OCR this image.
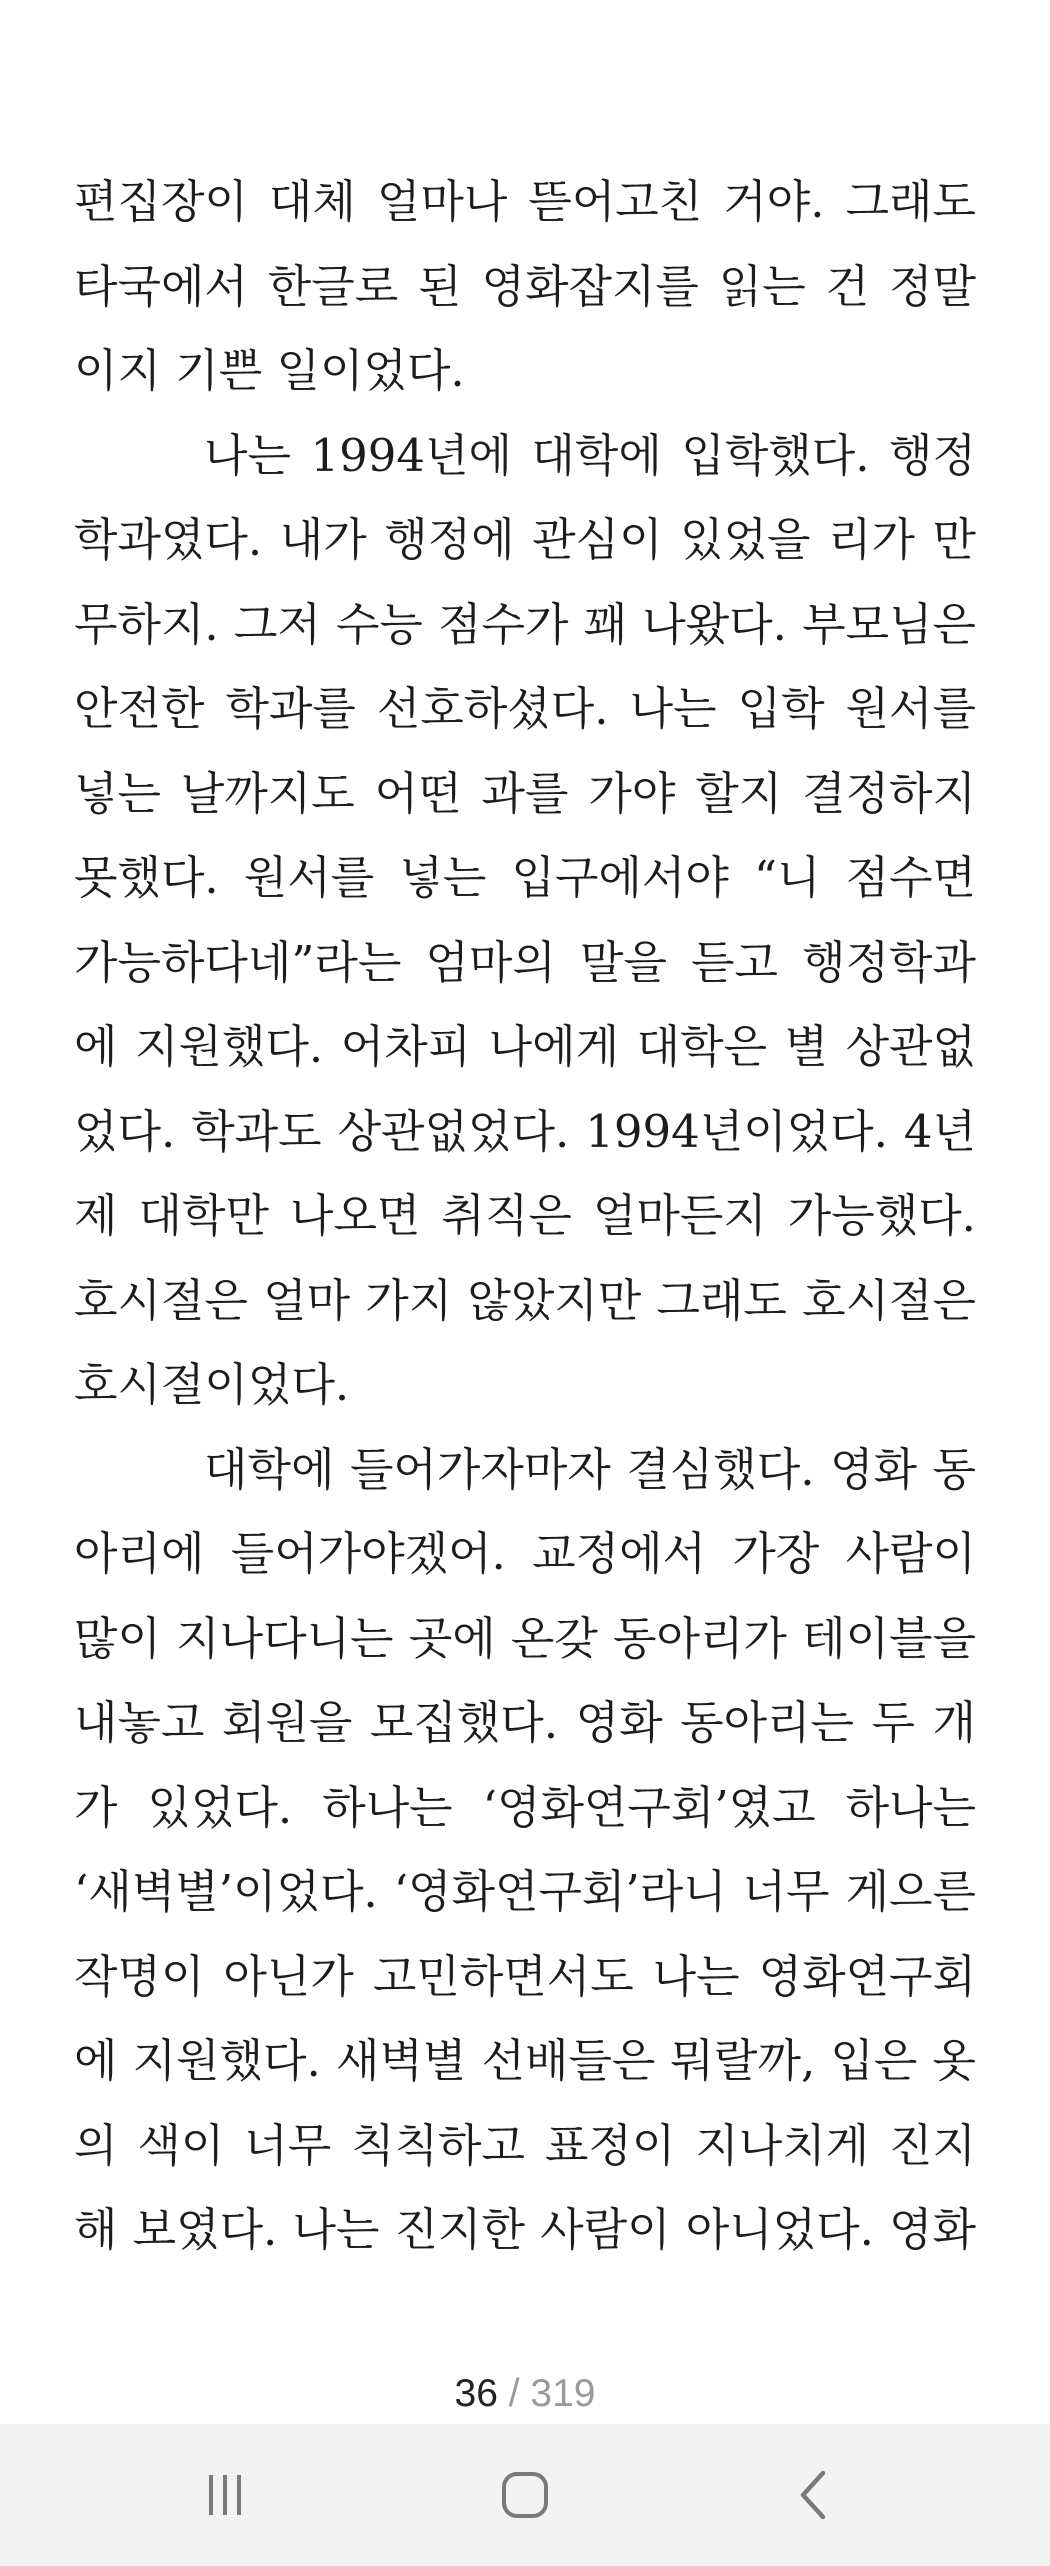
편집장이 대체 얼마나 뜯어고친 거야. 그래도
타국에서 한글로 된 영화잡지를 읽는 건 정말
이지 기쁜 일이었다.
나는 1994년에 대학에 입학했다. 행정
학과였다. 내가 행정에 관심이 있었을 리가 만
무하지. 그저 수능 점수가 꽤 나왔다. 부모님은
안전한 학과를 선호하셨다. 나는 입학 원서를
넣는 날까지도 어떤 과를 가야 할지 결정하지
못했다. 원서를 넣는 입구에서야 “니 점수면
가능하다네”라는 엄마의 말을 듣고 행정학과
에 지원했다. 어차피 나에게 대학은 별 상관없
었다. 학과도 상관없었다. 1994년이었다. 4년
제 대학만 나오면 취직은 얼마든지 가능했다.
호시절은 얼마 가지 않았지만 그래도 호시절은
호시절이었다.
대학에 들어가자마자 결심했다. 영화 동
아리에 들어가야겠어. 교정에서 가장 사람이
많이 지나다니는 곳에 온갖 동아리가 테이블을
내놓고 회원을 모집했다. 영화 동아리는 두 개
가 있었다. 하나는 ‘영화연구회’였고 하나는
‘새벽별’이었다. ‘영화연구회’라니 너무 게으른
작명이 아닌가 고민하면서도 나는 영화연구회
에 지원했다. 새벽별 선배들은 뭐랄까, 입은 옷
의 색이 너무 칙칙하고 표정이 지나치게 진지
해 보였다. 나는 진지한 사람이 아니었다. 영화
36 / 319
